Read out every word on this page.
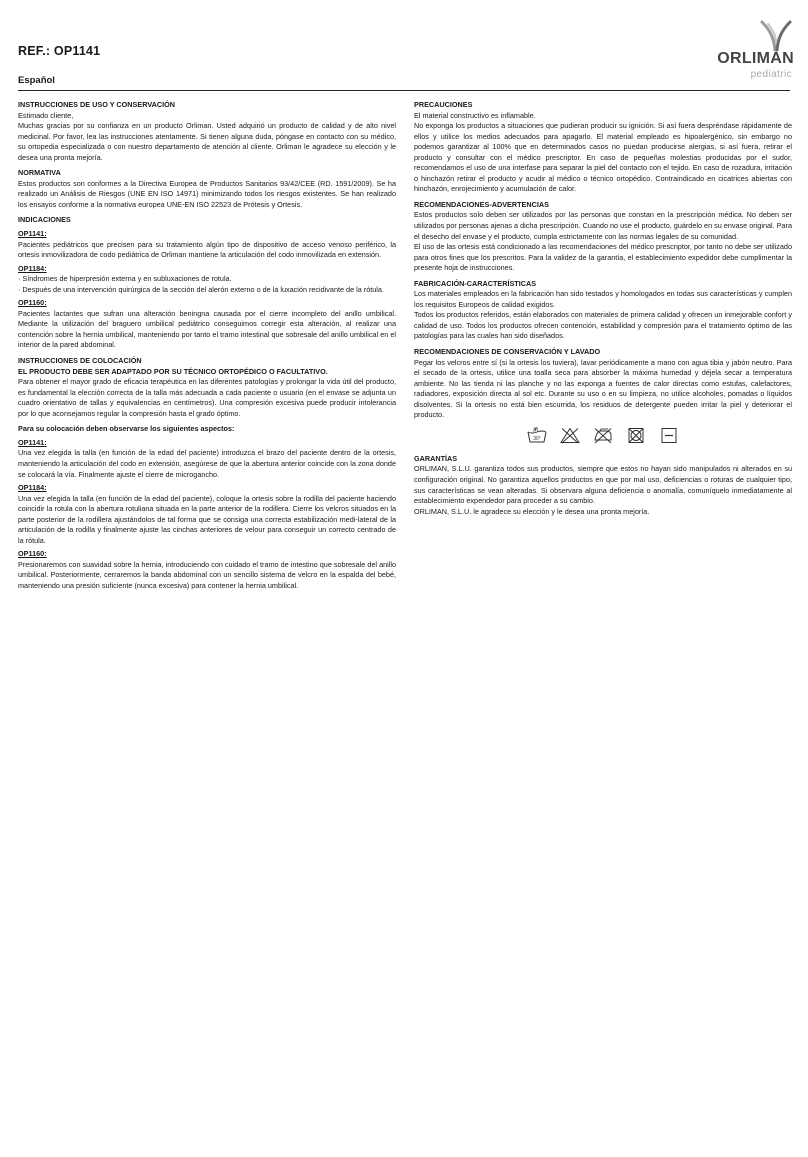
REF.: OP1141	ORLIMAN
pediatric
Español

INSTRUCCIONES DE USO Y CONSERVACIÓN

Estimado cliente,

Muchas gracias por su confianza en un producto Orliman. Usted adquirió un producto de calidad y de alto nivel medicinal. Por favor, lea las instrucciones atentamente. Si tienen alguna duda, póngase en contacto con su médico, su ortopedia especializada o con nuestro departamento de atención al cliente. Orliman le agradece su elección y le desea una pronta mejoría.

NORMATIVA

Estos productos son conformes a la Directiva Europea de Productos Sanitarios 93/42/CEE (RD. 1591/2009). Se ha realizado un Análisis de Riesgos (UNE EN ISO 14971) minimizando todos los riesgos existentes. Se han realizado los ensayos conforme a la normativa europea UNE-EN ISO 22523 de Prótesis y Ortesis.

INDICACIONES

OP1141:

Pacientes pediátricos que precisen para su tratamiento algún tipo de dispositivo de acceso venoso periférico, la ortesis inmovilizadora de codo pediátrica de Orliman mantiene la articulación del codo inmovilizada en extensión.

OP1184:

· Síndromes de hiperpresión externa y en subluxaciones de rotula.

· Después de una intervención quirúrgica de la sección del alerón externo o de la luxación recidivante de la rótula.

OP1160:

Pacientes lactantes que sufran una alteración beningna causada por el cierre incompleto del anillo umbilical. Mediante la utilización del braguero umbilical pediátrico conseguimos corregir esta alteración, al realizar una contención sobre la hernia umbilical, manteniendo por tanto el tramo intestinal que sobresale del anillo umbilical en el interior de la pared abdominal.

INSTRUCCIONES DE COLOCACIÓN

EL PRODUCTO DEBE SER ADAPTADO POR SU TÉCNICO ORTOPÉDICO O FACULTATIVO.

Para obtener el mayor grado de eficacia terapéutica en las diferentes patologías y prolongar la vida útil del producto, es fundamental la elección correcta de la talla más adecuada a cada paciente o usuario (en el envase se adjunta un cuadro orientativo de tallas y equivalencias en centímetros). Una compresión excesiva puede producir intolerancia por lo que aconsejamos regular la compresión hasta el grado óptimo.

Para su colocación deben observarse los siguientes aspectos:

OP1141:

Una vez elegida la talla (en función de la edad del paciente) introduzca el brazo del paciente dentro de la ortesis, manteniendo la articulación del codo en extensión, asegúrese de que la abertura anterior coincide con la zona donde se colocará la vía. Finalmente ajuste el cierre de microgancho.

OP1184:

Una vez elegida la talla (en función de la edad del paciente), coloque la ortesis sobre la rodilla del paciente haciendo coincidir la rotula con la abertura rotuliana situada en la parte anterior de la rodillera. Cierre los velcros situados en la parte posterior de la rodillera ajustándolos de tal forma que se consiga una correcta estabilización medi-lateral de la articulación de la rodilla y finalmente ajuste las cinchas anteriores de velour para conseguir un correcto centrado de la rótula.

OP1160:

Presionaremos con suavidad sobre la hernia, introduciendo con cuidado el tramo de intestino que sobresale del anillo umbilical. Posteriormente, cerraremos la banda abdominal con un sencillo sistema de velcro en la espalda del bebé, manteniendo una presión suficiente (nunca excesiva) para contener la hernia umbilical.

PRECAUCIONES

El material constructivo es inflamable.

No exponga los productos a situaciones que pudieran producir su ignición. Si así fuera despréndase rápidamente de ellos y utilice los medios adecuados para apagarlo. El material empleado es hipoalergénico, sin embargo no podemos garantizar al 100% que en determinados casos no puedan producirse alergias, si así fuera, retirar el producto y consultar con el médico prescriptor. En caso de pequeñas molestias producidas por el sudor, recomendamos el uso de una interfase para separar la piel del contacto con el tejido. En caso de rozadura, irritación o hinchazón retirar el producto y acudir al médico o técnico ortopédico. Contraindicado en cicatrices abiertas con hinchazón, enrojecimiento y acumulación de calor.

RECOMENDACIONES-ADVERTENCIAS

Estos productos solo deben ser utilizados por las personas que constan en la prescripción médica. No deben ser utilizados por personas ajenas a dicha prescripción. Cuando no use el producto, guárdelo en su envase original. Para el desecho del envase y el producto, cumpla estrictamente con las normas legales de su comunidad.

El uso de las ortesis está condicionado a las recomendaciones del médico prescriptor, por tanto no debe ser utilizado para otros fines que los prescritos. Para la validez de la garantía, el establecimiento expedidor debe cumplimentar la presente hoja de instrucciones.

FABRICACIÓN-CARACTERÍSTICAS

Los materiales empleados en la fabricación han sido testados y homologados en todas sus características y cumplen los requisitos Europeos de calidad exigidos.

Todos los productos referidos, están elaborados con materiales de primera calidad y ofrecen un inmejorable confort y calidad de uso. Todos los productos ofrecen contención, estabilidad y compresión para el tratamiento óptimo de las patologías para las cuales han sido diseñados.

RECOMENDACIONES DE CONSERVACIÓN Y LAVADO

Pegar los velcros entre sí (si la ortesis los tuviera), lavar periódicamente a mano con agua tibia y jabón neutro. Para el secado de la ortesis, utilice una toalla seca para absorber la máxima humedad y déjela secar a temperatura ambiente. No las tienda ni las planche y no las exponga a fuentes de calor directas como estufas, calefactores, radiadores, exposición directa al sol etc. Durante su uso o en su limpieza, no utilice alcoholes, pomadas o líquidos disolventes. Si la ortesis no está bien escurrida, los residuos de detergente pueden irritar la piel y deteriorar el producto.

30°

GARANTÍAS

ORLIMAN, S.L.U. garantiza todos sus productos, siempre que estos no hayan sido manipulados ni alterados en su configuración original. No garantiza aquellos productos en que por mal uso, deficiencias o roturas de cualquier tipo, sus características se vean alteradas. Si observara alguna deficiencia o anomalía, comuníquelo inmediatamente al establecimiento expendedor para proceder a su cambio.

ORLIMAN, S.L.U. le agradece su elección y le desea una pronta mejoría.
